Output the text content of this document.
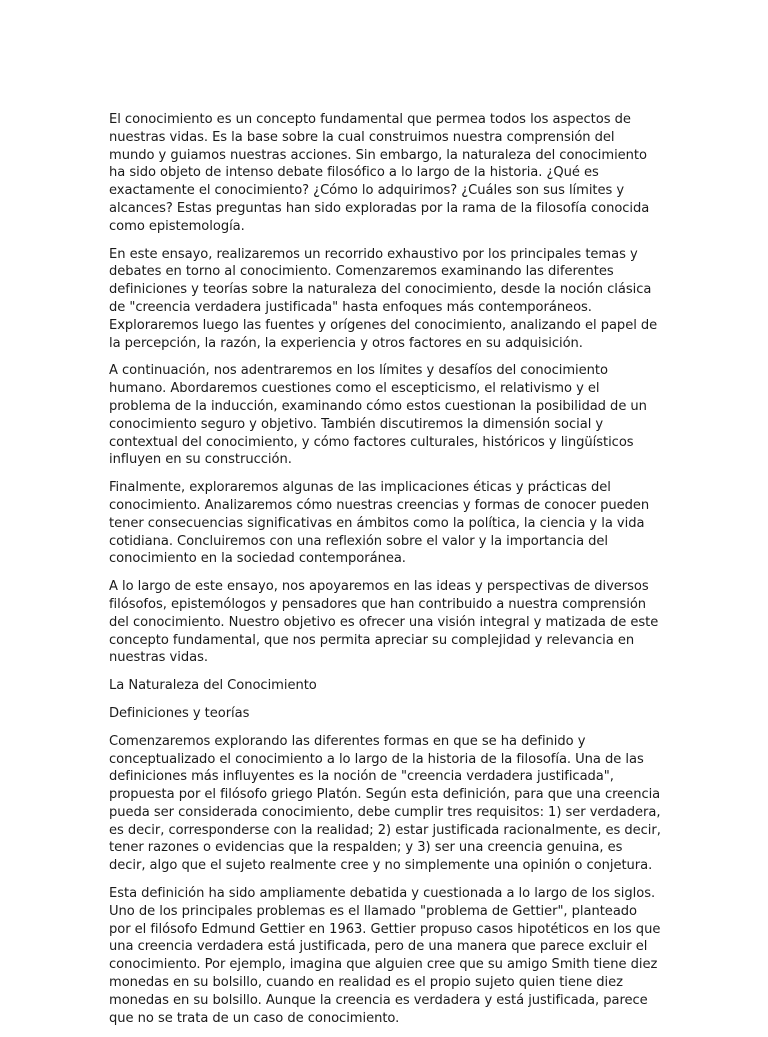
El conocimiento es un concepto fundamental que permea todos los aspectos de nuestras vidas. Es la base sobre la cual construimos nuestra comprensión del mundo y guiamos nuestras acciones. Sin embargo, la naturaleza del conocimiento ha sido objeto de intenso debate filosófico a lo largo de la historia. ¿Qué es exactamente el conocimiento? ¿Cómo lo adquirimos? ¿Cuáles son sus límites y alcances? Estas preguntas han sido exploradas por la rama de la filosofía conocida como epistemología.

En este ensayo, realizaremos un recorrido exhaustivo por los principales temas y debates en torno al conocimiento. Comenzaremos examinando las diferentes definiciones y teorías sobre la naturaleza del conocimiento, desde la noción clásica de "creencia verdadera justificada" hasta enfoques más contemporáneos. Exploraremos luego las fuentes y orígenes del conocimiento, analizando el papel de la percepción, la razón, la experiencia y otros factores en su adquisición.

A continuación, nos adentraremos en los límites y desafíos del conocimiento humano. Abordaremos cuestiones como el escepticismo, el relativismo y el problema de la inducción, examinando cómo estos cuestionan la posibilidad de un conocimiento seguro y objetivo. También discutiremos la dimensión social y contextual del conocimiento, y cómo factores culturales, históricos y lingüísticos influyen en su construcción.

Finalmente, exploraremos algunas de las implicaciones éticas y prácticas del conocimiento. Analizaremos cómo nuestras creencias y formas de conocer pueden tener consecuencias significativas en ámbitos como la política, la ciencia y la vida cotidiana. Concluiremos con una reflexión sobre el valor y la importancia del conocimiento en la sociedad contemporánea.

A lo largo de este ensayo, nos apoyaremos en las ideas y perspectivas de diversos filósofos, epistemólogos y pensadores que han contribuido a nuestra comprensión del conocimiento. Nuestro objetivo es ofrecer una visión integral y matizada de este concepto fundamental, que nos permita apreciar su complejidad y relevancia en nuestras vidas.

La Naturaleza del Conocimiento

Definiciones y teorías

Comenzaremos explorando las diferentes formas en que se ha definido y conceptualizado el conocimiento a lo largo de la historia de la filosofía. Una de las definiciones más influyentes es la noción de "creencia verdadera justificada", propuesta por el filósofo griego Platón. Según esta definición, para que una creencia pueda ser considerada conocimiento, debe cumplir tres requisitos: 1) ser verdadera, es decir, corresponderse con la realidad; 2) estar justificada racionalmente, es decir, tener razones o evidencias que la respalden; y 3) ser una creencia genuina, es decir, algo que el sujeto realmente cree y no simplemente una opinión o conjetura.

Esta definición ha sido ampliamente debatida y cuestionada a lo largo de los siglos. Uno de los principales problemas es el llamado "problema de Gettier", planteado por el filósofo Edmund Gettier en 1963. Gettier propuso casos hipotéticos en los que una creencia verdadera está justificada, pero de una manera que parece excluir el conocimiento. Por ejemplo, imagina que alguien cree que su amigo Smith tiene diez monedas en su bolsillo, cuando en realidad es el propio sujeto quien tiene diez monedas en su bolsillo. Aunque la creencia es verdadera y está justificada, parece que no se trata de un caso de conocimiento.
